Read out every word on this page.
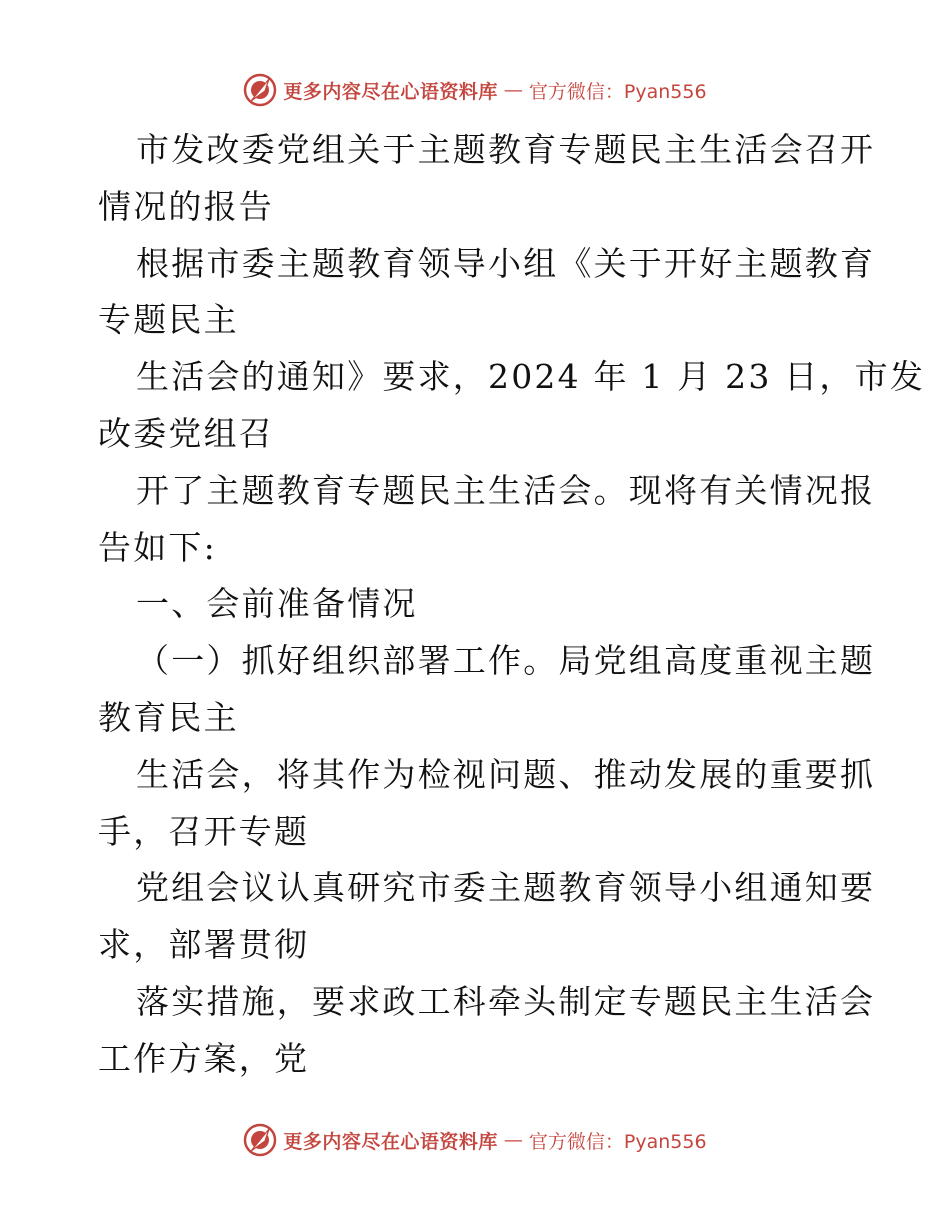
更多内容尽在心语资料库 — 官方微信：Pyan556
市发改委党组关于主题教育专题民主生活会召开
情况的报告
根据市委主题教育领导小组《关于开好主题教育
专题民主
生活会的通知》要求，2024 年 1 月 23 日，市发
改委党组召
开了主题教育专题民主生活会。现将有关情况报
告如下:
一、会前准备情况
（一）抓好组织部署工作。局党组高度重视主题
教育民主
生活会，将其作为检视问题、推动发展的重要抓
手，召开专题
党组会议认真研究市委主题教育领导小组通知要
求，部署贯彻
落实措施，要求政工科牵头制定专题民主生活会
工作方案，党
更多内容尽在心语资料库 — 官方微信：Pyan556
